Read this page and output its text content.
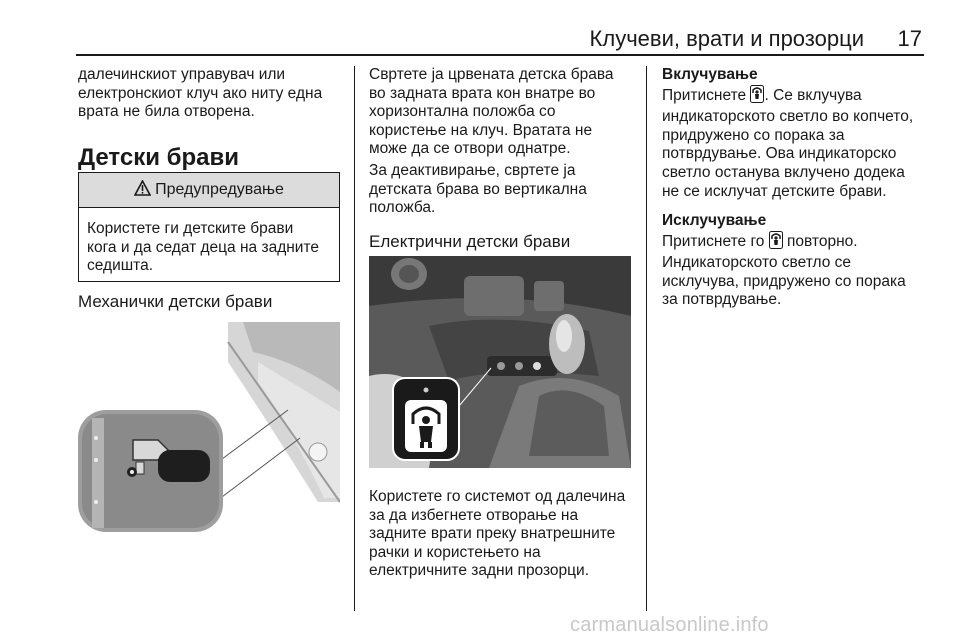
Клучеви, врати и прозорци 17

далечинскиот управувач или

електронскиот клуч ако ниту една

врата не била отворена.

Детски брави
Предупредување
Користете ги детските брави
кога и да седат деца на задните
седишта.
Механички детски брави

Свртете ја црвената детска брава

во задната врата кон внатре во

хоризонтална положба со

користење на клуч. Вратата не

може да се отвори однатре.

За деактивирање, свртете ја

детската брава во вертикална

положба.

Електрични детски брави

Користете го системот од далечина

за да избегнете отворање на

задните врати преку внатрешните

рачки и користењето на

електричните задни прозорци.

Вклучување

Притиснете . Се вклучува

индикаторското светло во копчето,

придружено со порака за

потврдување. Ова индикаторско

светло останува вклучено додека

не се исклучат детските брави.

Исклучување

Притиснете го  повторно.

Индикаторското светло се

исклучува, придружено со порака

за потврдување.

carmanualsonline.info
